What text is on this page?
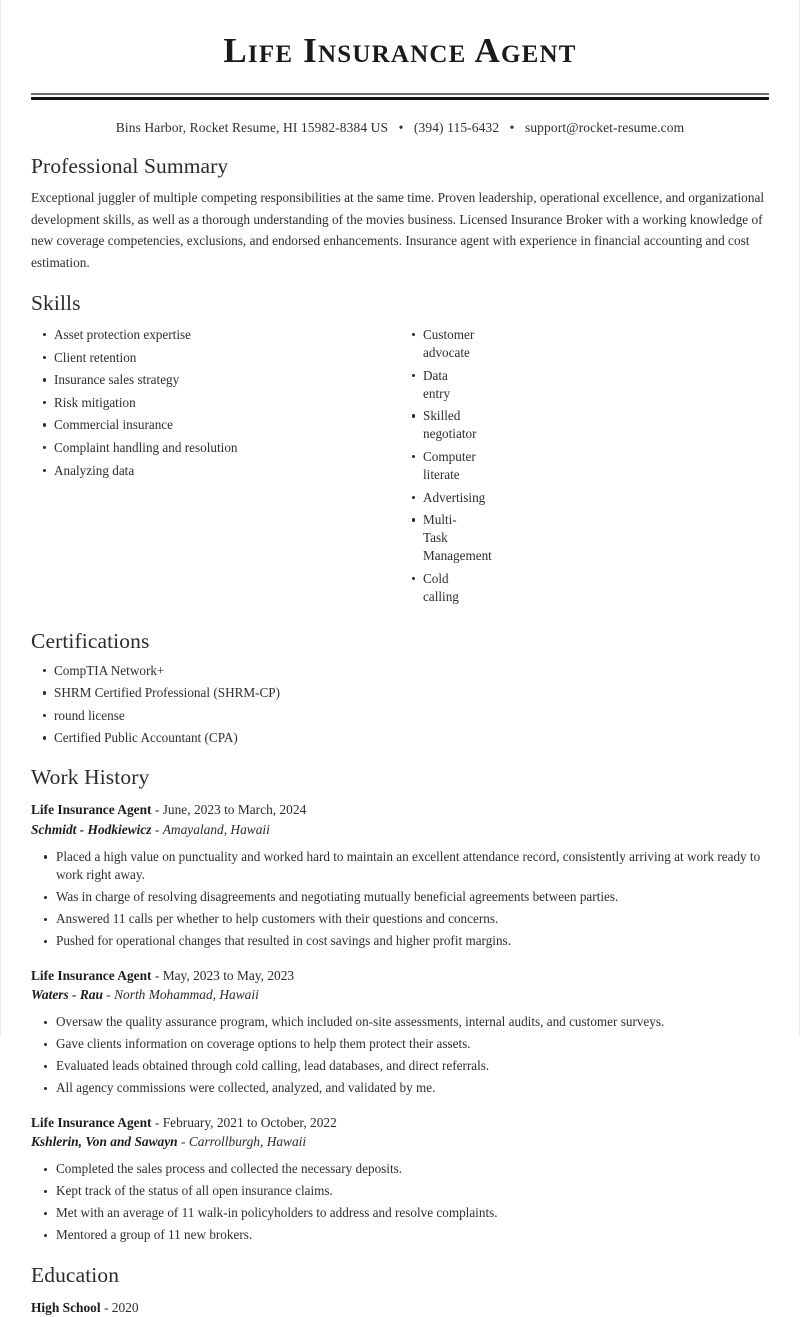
Life Insurance Agent
Bins Harbor, Rocket Resume, HI 15982-8384 US • (394) 115-6432 • support@rocket-resume.com
Professional Summary

Exceptional juggler of multiple competing responsibilities at the same time. Proven leadership, operational excellence, and organizational development skills, as well as a thorough understanding of the movies business. Licensed Insurance Broker with a working knowledge of new coverage competencies, exclusions, and endorsed enhancements. Insurance agent with experience in financial accounting and cost estimation.

Skills
Asset protection expertise
Client retention
Insurance sales strategy
Risk mitigation
Commercial insurance
Complaint handling and resolution
Analyzing data
Customer advocate
Data entry
Skilled negotiator
Computer literate
Advertising
Multi-Task Management
Cold calling
Certifications
CompTIA Network+
SHRM Certified Professional (SHRM-CP)
round license
Certified Public Accountant (CPA)
Work History
Life Insurance Agent - June, 2023 to March, 2024
Schmidt - Hodkiewicz - Amayaland, Hawaii
Placed a high value on punctuality and worked hard to maintain an excellent attendance record, consistently arriving at work ready to work right away.
Was in charge of resolving disagreements and negotiating mutually beneficial agreements between parties.
Answered 11 calls per whether to help customers with their questions and concerns.
Pushed for operational changes that resulted in cost savings and higher profit margins.
Life Insurance Agent - May, 2023 to May, 2023
Waters - Rau - North Mohammad, Hawaii
Oversaw the quality assurance program, which included on-site assessments, internal audits, and customer surveys.
Gave clients information on coverage options to help them protect their assets.
Evaluated leads obtained through cold calling, lead databases, and direct referrals.
All agency commissions were collected, analyzed, and validated by me.
Life Insurance Agent - February, 2021 to October, 2022
Kshlerin, Von and Sawayn - Carrollburgh, Hawaii
Completed the sales process and collected the necessary deposits.
Kept track of the status of all open insurance claims.
Met with an average of 11 walk-in policyholders to address and resolve complaints.
Mentored a group of 11 new brokers.
Education
High School - 2020
